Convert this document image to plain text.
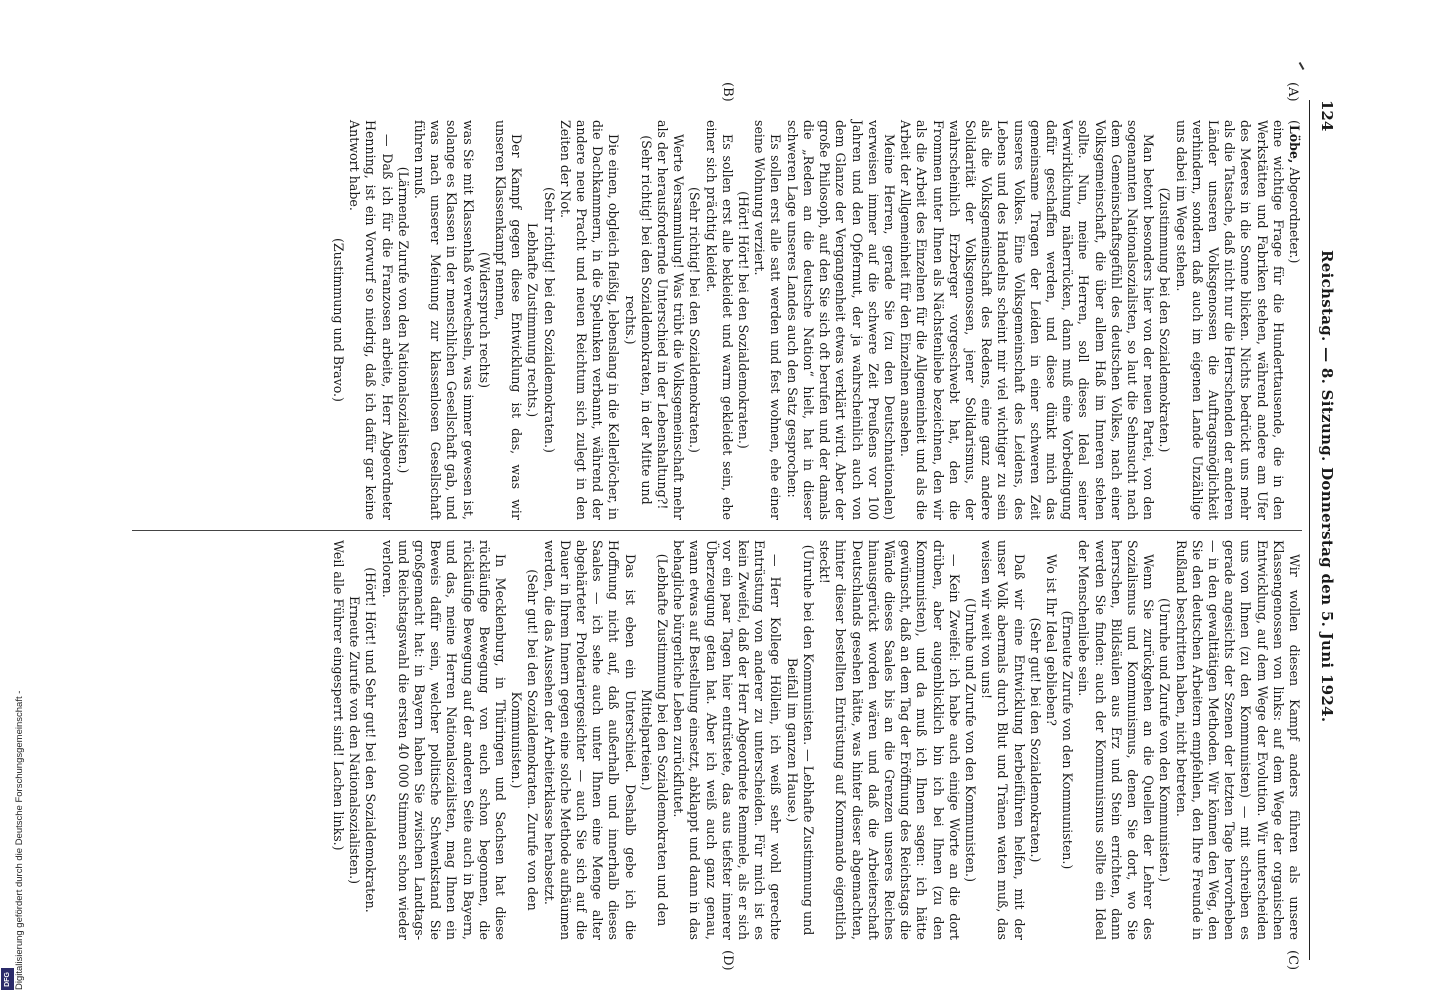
124
Reichstag. — 8. Sitzung. Donnerstag den 5. Juni 1924.
(A)
(B)
(C)
(D)

(Löbe, Abgeordneter.)

eine wichtige Frage für die Hunderttausende, die in den Werkstätten und Fabriken stehen, während andere am Ufer des Meeres in die Sonne blicken. Nichts bedrückt uns mehr als die Tatsache, daß nicht nur die Herrschenden der anderen Länder unseren Volksgenossen die Auftragsmöglichkeit verhindern, sondern daß auch im eigenen Lande Unzählige uns dabei im Wege stehen.

(Zustimmung bei den Sozialdemokraten.)

Man betont besonders hier von der neuen Partei, von den sogenannten Nationalsozialisten, so laut die Sehnsucht nach dem Gemeinschaftsgefühl des deutschen Volkes, nach einer Volksgemeinschaft, die über allem Haß im Inneren stehen sollte. Nun, meine Herren, soll dieses Ideal seiner Verwirklichung näherrücken, dann muß eine Vorbedingung dafür geschaffen werden, und diese dünkt mich das gemeinsame Tragen der Leiden in einer schweren Zeit unseres Volkes. Eine Volksgemeinschaft des Leidens, des Lebens und des Handelns scheint mir viel wichtiger zu sein als die Volksgemeinschaft des Redens, eine ganz andere Solidarität der Volksgenossen, jener Solidarismus, der wahrscheinlich Erzberger vorgeschwebt hat, den die Frommen unter Ihnen als Nächstenliebe bezeichnen, den wir als die Arbeit des Einzelnen für die Allgemeinheit und als die Arbeit der Allgemeinheit für den Einzelnen ansehen.

Meine Herren, gerade Sie (zu den Deutschnationalen) verweisen immer auf die schwere Zeit Preußens vor 100 Jahren und den Opfermut, der ja wahrscheinlich auch von dem Glanze der Vergangenheit etwas verklärt wird. Aber der große Philosoph, auf den Sie sich oft berufen und der damals die „Reden an die deutsche Nation“ hielt, hat in dieser schweren Lage unseres Landes auch den Satz gesprochen:

Es sollen erst alle satt werden und fest wohnen, ehe einer seine Wohnung verziert.

(Hört! Hört! bei den Sozialdemokraten.)

Es sollen erst alle bekleidet und warm gekleidet sein, ehe einer sich prächtig kleidet.

(Sehr richtig! bei den Sozialdemokraten.)

Werte Versammlung! Was trübt die Volksgemeinschaft mehr als der herausfordernde Unterschied in der Lebenshaltung?!

(Sehr richtig! bei den Sozialdemokraten, in der Mitte und rechts.)

Die einen, obgleich fleißig, lebenslang in die Kellerlöcher, in die Dachkammern, in die Spelunken verbannt, während der andere neue Pracht und neuen Reichtum sich zulegt in den Zeiten der Not.

(Sehr richtig! bei den Sozialdemokraten.)

Lebhafte Zustimmung rechts.)

Der Kampf gegen diese Entwicklung ist das, was wir unseren Klassenkampf nennen,

(Widerspruch rechts)

was Sie mit Klassenhaß verwechseln, was immer gewesen ist, solange es Klassen in der menschlichen Gesellschaft gab, und was nach unserer Meinung zur klassenlosen Gesellschaft führen muß.

(Lärmende Zurufe von den Nationalsozialisten.)

— Daß ich für die Franzosen arbeite, Herr Abgeordneter Henning, ist ein Vorwurf so niedrig, daß ich dafür gar keine Antwort habe.

(Zustimmung und Bravo.)

Wir wollen diesen Kampf anders führen als unsere Klassengenossen von links: auf dem Wege der organischen Entwicklung, auf dem Wege der Evolution. Wir unterscheiden uns von Ihnen (zu den Kommunisten) — mit schreiben es gerade angesichts der Szenen der letzten Tage hervorheben — in den gewalttätigen Methoden. Wir können den Weg, den Sie den deutschen Arbeitern empfehlen, den Ihre Freunde in Rußland beschritten haben, nicht betreten.

(Unruhe und Zurufe von den Kommunisten.)

Wenn Sie zurückgehen an die Quellen der Lehrer des Sozialismus und Kommunismus, denen Sie dort, wo Sie herrschen, Bildsäulen aus Erz und Stein errichten, dann werden Sie finden: auch der Kommunismus sollte ein Ideal der Menschenliebe sein.

(Erneute Zurufe von den Kommunisten.)

Wo ist Ihr Ideal geblieben?

(Sehr gut! bei den Sozialdemokraten.)

Daß wir eine Entwicklung herbeiführen helfen, mit der unser Volk abermals durch Blut und Tränen waten muß, das weisen wir weit von uns!

(Unruhe und Zurufe von den Kommunisten.)

— Kein Zweifel: ich habe auch einige Worte an die dort drüben, aber augenblicklich bin ich bei Ihnen (zu den Kommunisten), und da muß ich Ihnen sagen: ich hätte gewünscht, daß an dem Tag der Eröffnung des Reichstags die Wände dieses Saales bis an die Grenzen unseres Reiches hinausgerückt worden wären und daß die Arbeiterschaft Deutschlands gesehen hätte, was hinter dieser abgemachten, hinter dieser bestellten Entrüstung auf Kommando eigentlich steckt!

(Unruhe bei den Kommunisten. — Lebhafte Zustimmung und Beifall im ganzen Hause.)

— Herr Kollege Höllein, ich weiß sehr wohl gerechte Entrüstung von anderer zu unterscheiden. Für mich ist es kein Zweifel, daß der Herr Abgeordnete Remmele, als er sich vor ein paar Tagen hier entrüstete, das aus tiefster innerer Überzeugung getan hat. Aber ich weiß auch ganz genau, wann etwas auf Bestellung einsetzt, abklappt und dann in das behagliche bürgerliche Leben zurückflutet.

(Lebhafte Zustimmung bei den Sozialdemokraten und den Mittelparteien.)

Das ist eben ein Unterschied. Deshalb gebe ich die Hoffnung nicht auf, daß außerhalb und innerhalb dieses Saales — ich sehe auch unter Ihnen eine Menge alter abgehärteter Proletariergesichter — auch Sie sich auf die Dauer in Ihrem Innern gegen eine solche Methode aufbäumen werden, die das Aussehen der Arbeiterklasse herabsetzt.

(Sehr gut! bei den Sozialdemokraten. Zurufe von den Kommunisten.)

In Mecklenburg, in Thüringen und Sachsen hat diese rückläufige Bewegung von euch schon begonnen, die rückläufige Bewegung auf der anderen Seite auch in Bayern, und das, meine Herren Nationalsozialisten, mag Ihnen ein Beweis dafür sein, welcher politische Schwenkstand Sie großgemacht hat: in Bayern haben Sie zwischen Landtags- und Reichstagswahl die ersten 40 000 Stimmen schon wieder verloren.

(Hört! Hört! und Sehr gut! bei den Sozialdemokraten. Erneute Zurufe von den Nationalsozialisten.)

Weil alle Führer eingesperrt sind! Lachen links.)

Digitalisierung gefördert durch die Deutsche Forschungsgemeinschaft -
DFG
